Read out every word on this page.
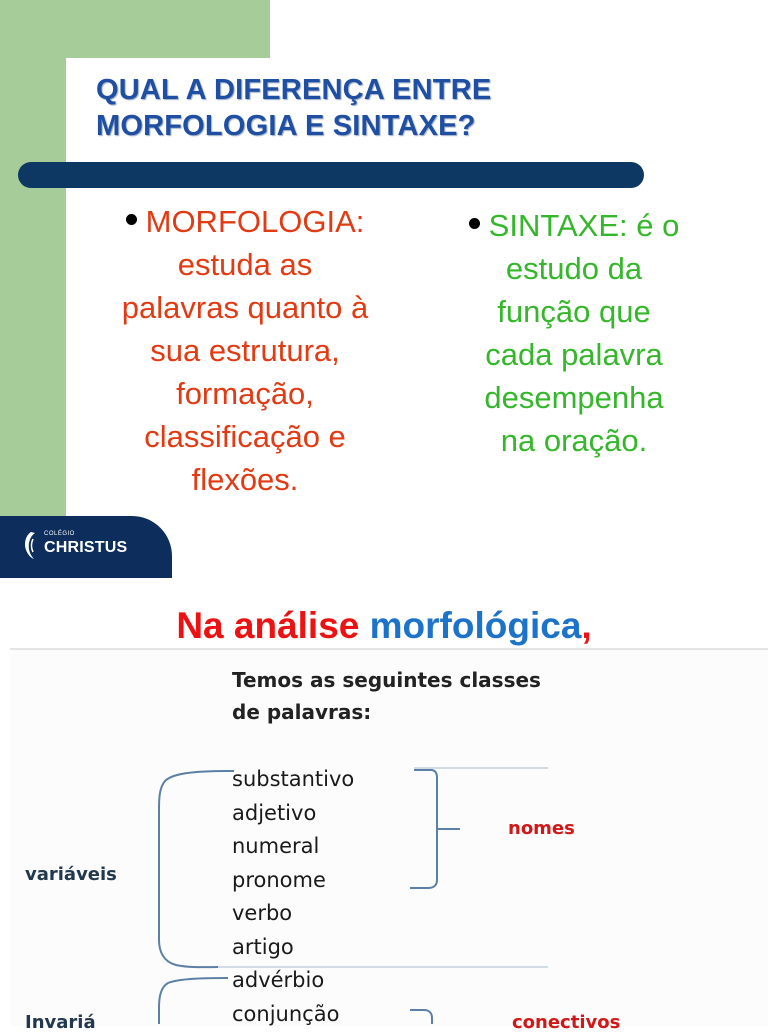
QUAL A DIFERENÇA ENTRE
MORFOLOGIA E SINTAXE?
MORFOLOGIA:
estuda as
palavras quanto à
sua estrutura,
formação,
classificação e
flexões.
SINTAXE: é o
estudo da
função que
cada palavra
desempenha
na oração.
COLÉGIO
CHRISTUS
Na análise morfológica,
Temos as seguintes classes
de palavras:
substantivo
adjetivo
numeral
pronome
verbo
artigo
advérbio
conjunção
variáveis
Invariá
nomes
conectivos
